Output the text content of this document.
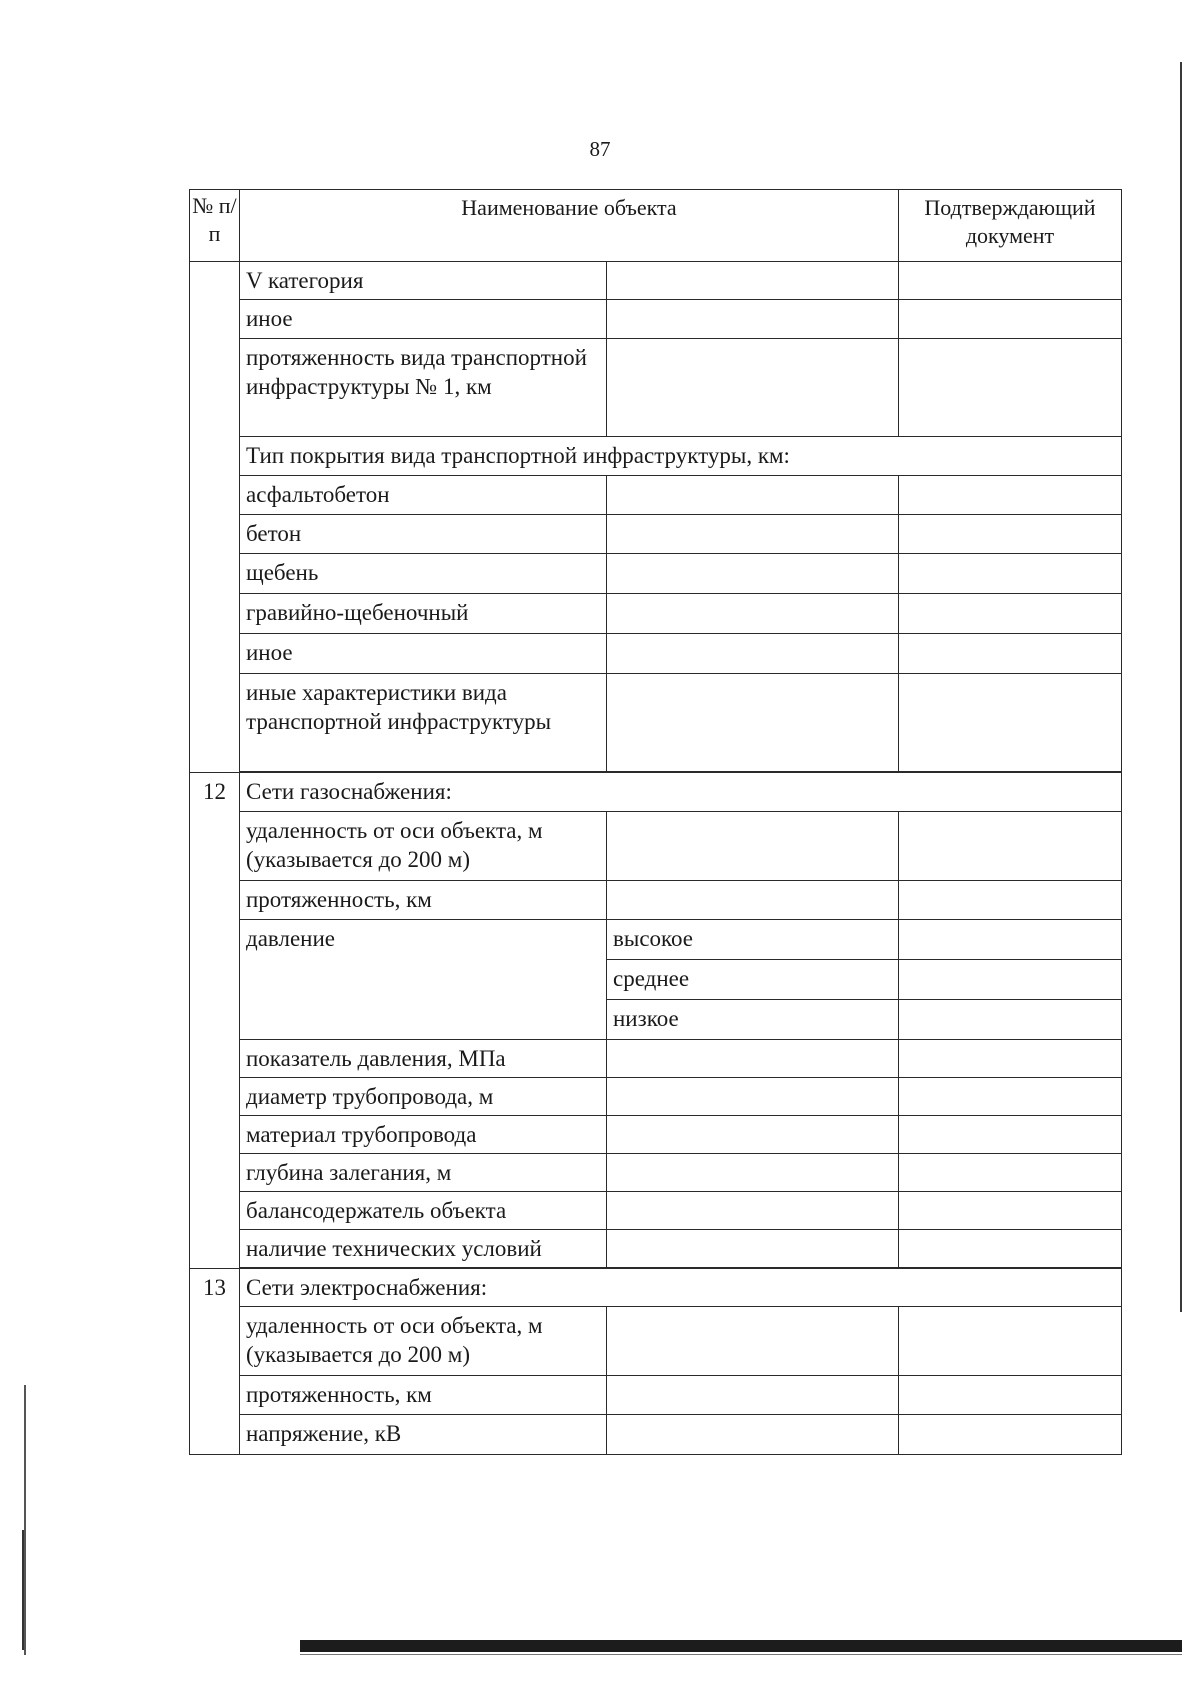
87
№ п/п	Наименование объекта		Подтверждающий документ
	V категория		
	иное		
	протяженность вида транспортной инфраструктуры № 1, км		
	Тип покрытия вида транспортной инфраструктуры, км:		
	асфальтобетон		
	бетон		
	щебень		
	гравийно-щебеночный		
	иное		
	иные характеристики вида транспортной инфраструктуры		

12	Сети газоснабжения:		
	удаленность от оси объекта, м (указывается до 200 м)		
	протяженность, км		
	давление	высокое	
		среднее	
		низкое	
	показатель давления, МПа		
	диаметр трубопровода, м		
	материал трубопровода		
	глубина залегания, м		
	балансодержатель объекта		
	наличие технических условий		

13	Сети электроснабжения:		
	удаленность от оси объекта, м (указывается до 200 м)		
	протяженность, км		
	напряжение, кВ		
